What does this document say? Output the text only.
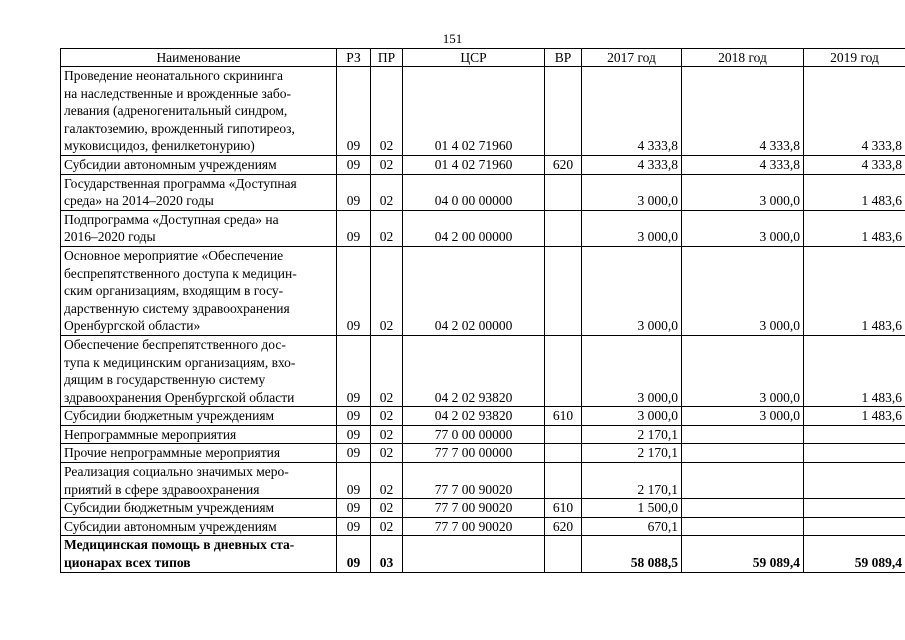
151
Наименование	РЗ	ПР	ЦСР	ВР	2017 год	2018 год	2019 год

Проведение неонатального скрининга
на наследственные и врожденные забо-
левания (адреногенитальный синдром,
галактоземию, врожденный гипотиреоз,
муковисцидоз, фенилкетонурию)	09	02	01 4 02 71960		4 333,8	4 333,8	4 333,8

Субсидии автономным учреждениям	09	02	01 4 02 71960	620	4 333,8	4 333,8	4 333,8

Государственная программа «Доступная
среда» на 2014–2020 годы	09	02	04 0 00 00000		3 000,0	3 000,0	1 483,6

Подпрограмма «Доступная среда» на
2016–2020 годы	09	02	04 2 00 00000		3 000,0	3 000,0	1 483,6

Основное мероприятие «Обеспечение
беспрепятственного доступа к медицин-
ским организациям, входящим в госу-
дарственную систему здравоохранения
Оренбургской области»	09	02	04 2 02 00000		3 000,0	3 000,0	1 483,6

Обеспечение беспрепятственного дос-
тупа к медицинским организациям, вхо-
дящим в государственную систему
здравоохранения Оренбургской области	09	02	04 2 02 93820		3 000,0	3 000,0	1 483,6

Субсидии бюджетным учреждениям	09	02	04 2 02 93820	610	3 000,0	3 000,0	1 483,6

Непрограммные мероприятия	09	02	77 0 00 00000		2 170,1		

Прочие непрограммные мероприятия	09	02	77 7 00 00000		2 170,1		

Реализация социально значимых меро-
приятий в сфере здравоохранения	09	02	77 7 00 90020		2 170,1		

Субсидии бюджетным учреждениям	09	02	77 7 00 90020	610	1 500,0		

Субсидии автономным учреждениям	09	02	77 7 00 90020	620	670,1		

Медицинская помощь в дневных ста-
ционарах всех типов	09	03			58 088,5	59 089,4	59 089,4
